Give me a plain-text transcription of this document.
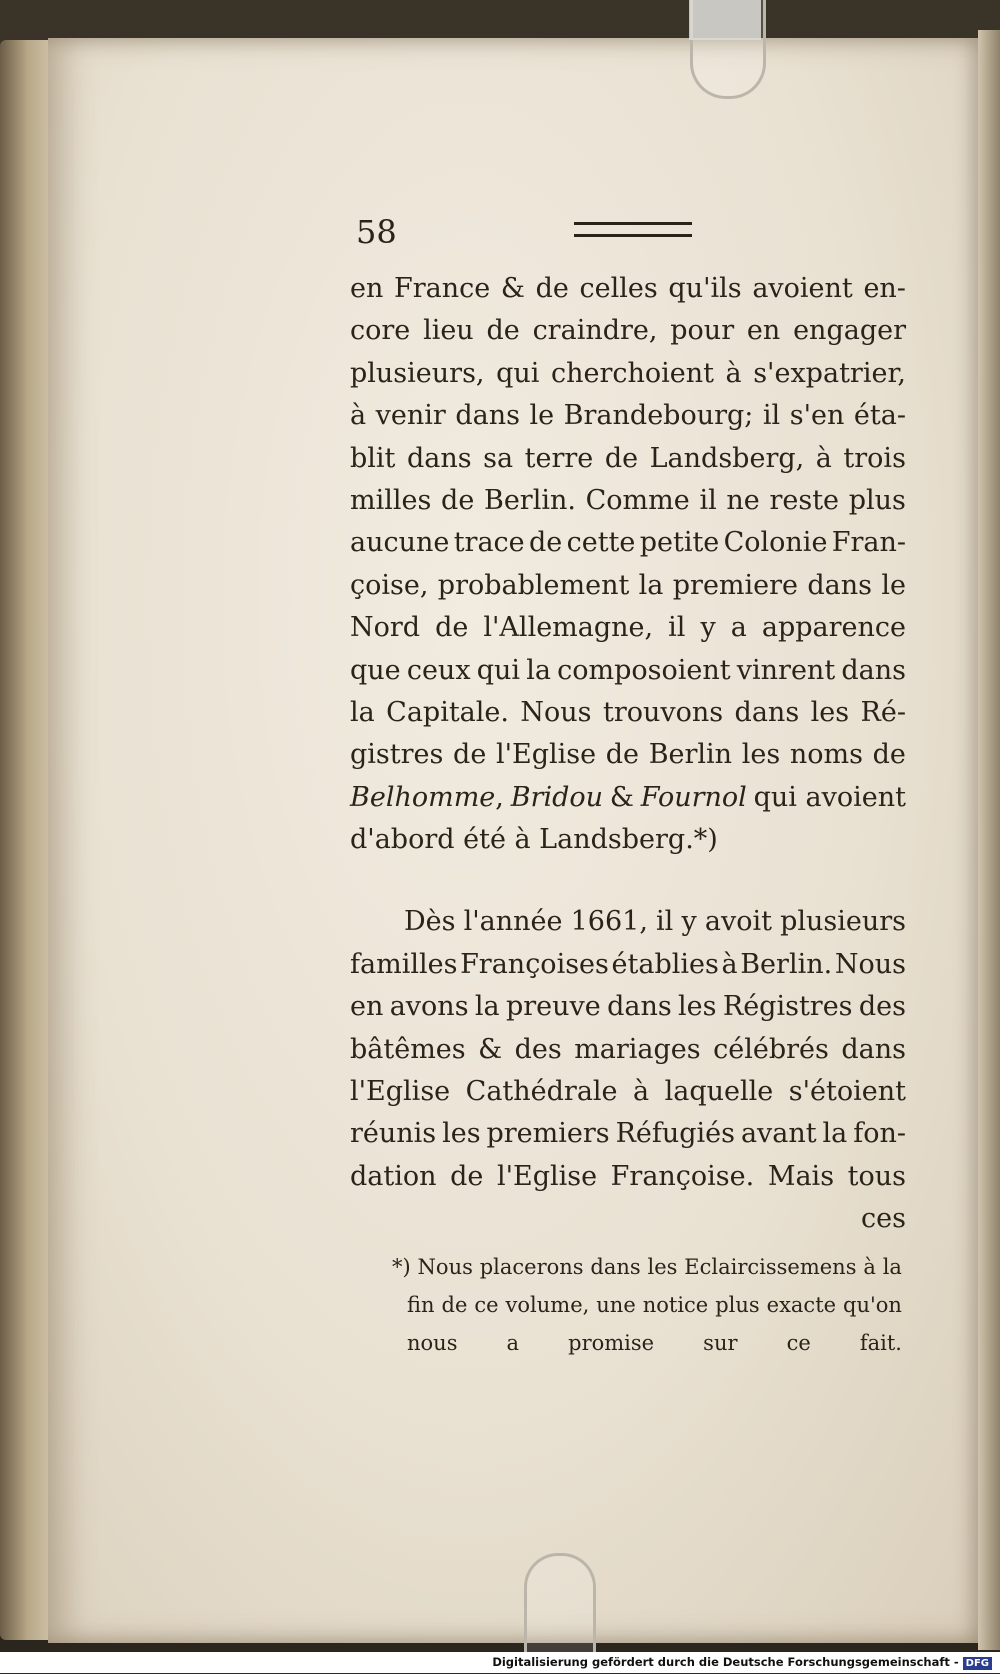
58

en France & de celles qu'ils avoient en-
core lieu de craindre, pour en engager
plusieurs, qui cherchoient à s'expatrier,
à venir dans le Brandebourg; il s'en éta-
blit dans sa terre de Landsberg, à trois
milles de Berlin. Comme il ne reste plus
aucune trace de cette petite Colonie Fran-
çoise, probablement la premiere dans le
Nord de l'Allemagne, il y a apparence
que ceux qui la composoient vinrent dans
la Capitale. Nous trouvons dans les Ré-
gistres de l'Eglise de Berlin les noms de
Belhomme, Bridou & Fournol qui avoient
d'abord été à Landsberg.*)
Dès l'année 1661, il y avoit plusieurs
familles Françoises établies à Berlin. Nous
en avons la preuve dans les Régistres des
bâtêmes & des mariages célébrés dans
l'Eglise Cathédrale à laquelle s'étoient
réunis les premiers Réfugiés avant la fon-
dation de l'Eglise Françoise. Mais tous
ces
*) Nous placerons dans les Eclaircissemens à la
fin de ce volume, une notice plus exacte qu'on
nous a promise sur ce fait.
Digitalisierung gefördert durch die Deutsche Forschungsgemeinschaft - DFG
